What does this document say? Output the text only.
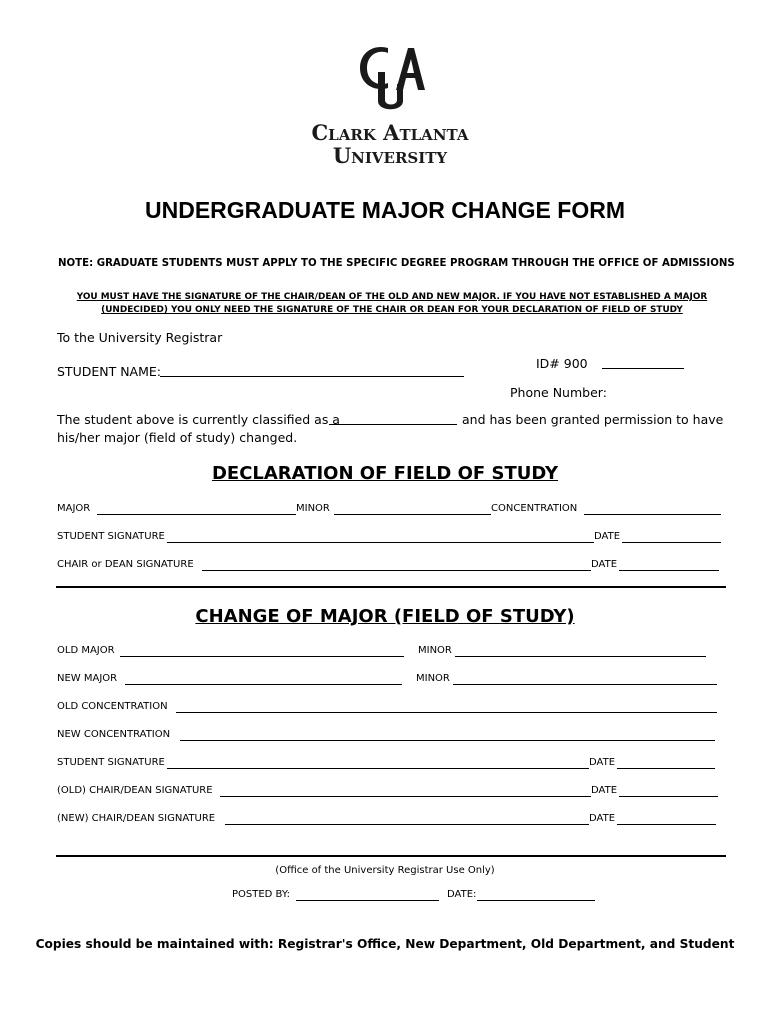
Clark Atlanta
University
UNDERGRADUATE MAJOR CHANGE FORM
NOTE: GRADUATE STUDENTS MUST APPLY TO THE SPECIFIC DEGREE PROGRAM THROUGH THE OFFICE OF ADMISSIONS
YOU MUST HAVE THE SIGNATURE OF THE CHAIR/DEAN OF THE OLD AND NEW MAJOR. IF YOU HAVE NOT ESTABLISHED A MAJOR
(UNDECIDED) YOU ONLY NEED THE SIGNATURE OF THE CHAIR OR DEAN FOR YOUR DECLARATION OF FIELD OF STUDY
To the University Registrar
STUDENT NAME:
ID# 900
Phone Number:
The student above is currently classified as a	and has been granted permission to have
his/her major (field of study) changed.
DECLARATION OF FIELD OF STUDY
MAJOR	MINOR	CONCENTRATION
STUDENT SIGNATURE	DATE
CHAIR or DEAN SIGNATURE	DATE
CHANGE OF MAJOR (FIELD OF STUDY)
OLD MAJOR	MINOR
NEW MAJOR	MINOR
OLD CONCENTRATION
NEW CONCENTRATION
STUDENT SIGNATURE	DATE
(OLD) CHAIR/DEAN SIGNATURE	DATE
(NEW) CHAIR/DEAN SIGNATURE	DATE
(Office of the University Registrar Use Only)
POSTED BY:	DATE:
Copies should be maintained with: Registrar's Office, New Department, Old Department, and Student
